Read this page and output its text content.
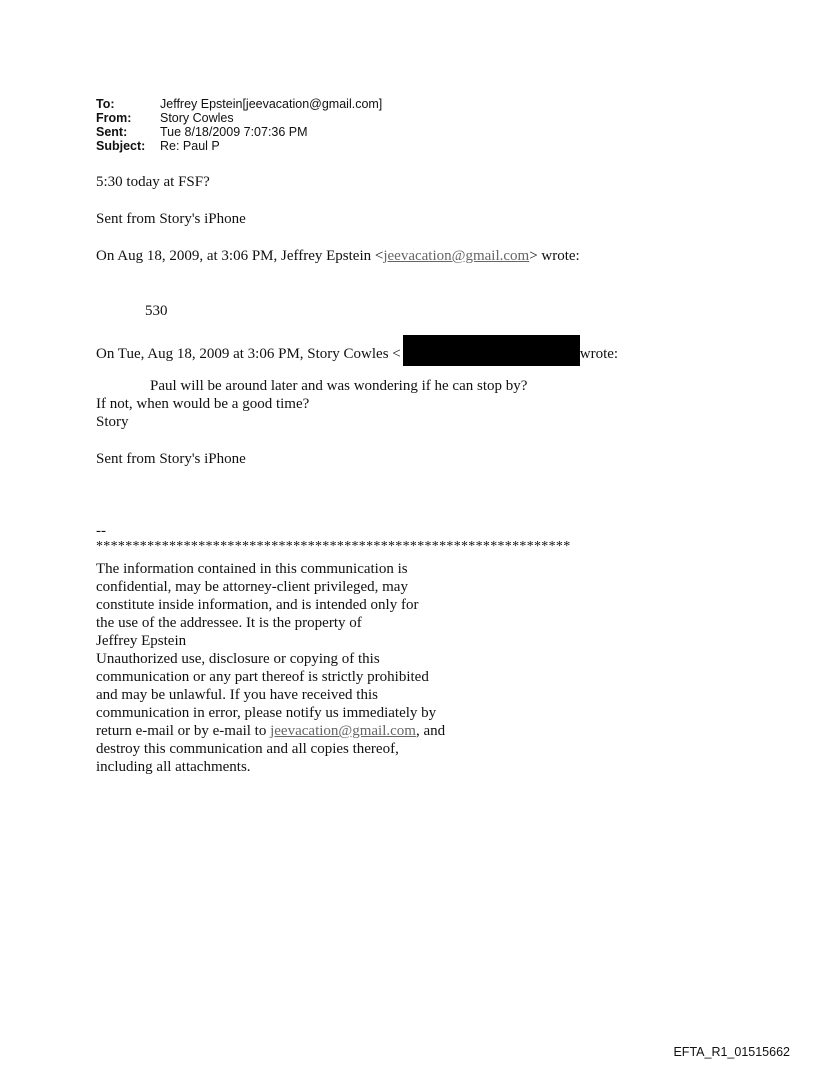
To:	Jeffrey Epstein[jeevacation@gmail.com]
From:	Story Cowles
Sent:	Tue 8/18/2009 7:07:36 PM
Subject:	Re: Paul P
5:30 today at FSF?
Sent from Story's iPhone
On Aug 18, 2009, at 3:06 PM, Jeffrey Epstein <jeevacation@gmail.com> wrote:
530
On Tue, Aug 18, 2009 at 3:06 PM, Story Cowles <	wrote:
Paul will be around later and was wondering if he can stop by?
If not, when would be a good time?
Story
Sent from Story's iPhone
--
*****************************************************************
The information contained in this communication is
confidential, may be attorney-client privileged, may
constitute inside information, and is intended only for
the use of the addressee. It is the property of
Jeffrey Epstein
Unauthorized use, disclosure or copying of this
communication or any part thereof is strictly prohibited
and may be unlawful. If you have received this
communication in error, please notify us immediately by
return e-mail or by e-mail to jeevacation@gmail.com, and
destroy this communication and all copies thereof,
including all attachments.
EFTA_R1_01515662
